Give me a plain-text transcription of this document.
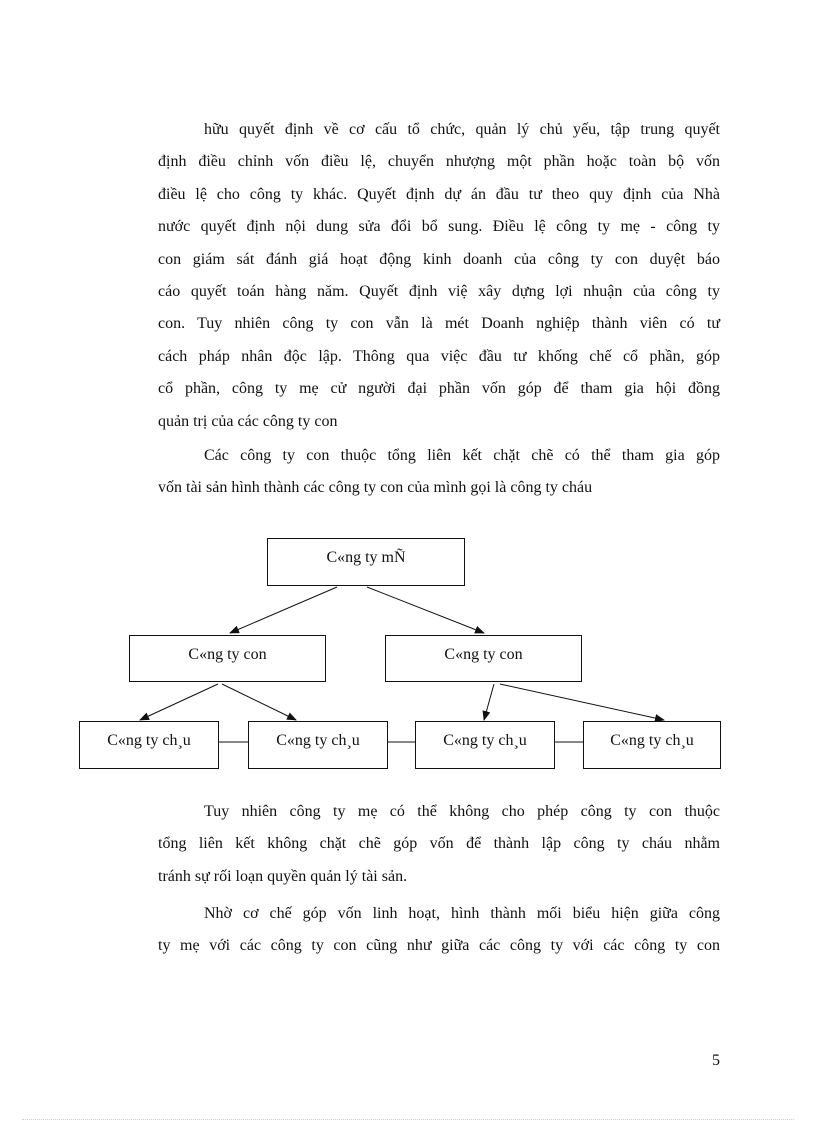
hữu quyết định về cơ cấu tổ chức, quản lý chủ yếu, tập trung quyết
định điều chỉnh vốn điều lệ, chuyển nhượng một phần hoặc toàn bộ vốn
điều lệ cho công ty khác. Quyết định dự án đầu tư theo quy định của Nhà
nước quyết định nội dung sửa đổi bổ sung. Điều lệ công ty mẹ - công ty
con giám sát đánh giá hoạt động kinh doanh của công ty con duyệt báo
cáo quyết toán hàng năm. Quyết định việ xây dựng lợi nhuận của công ty
con. Tuy nhiên công ty con vẫn là mét Doanh nghiệp thành viên có tư
cách pháp nhân độc lập. Thông qua việc đầu tư khống chế cổ phần, góp
cổ phần, công ty mẹ cử người đại phần vốn góp để tham gia hội đồng
quản trị của các công ty con
Các công ty con thuộc tổng liên kết chặt chẽ có thể tham gia góp
vốn tài sản hình thành các công ty con của mình gọi là công ty cháu
C«ng ty mÑ
C«ng ty con	C«ng ty con
C«ng ty ch¸u	C«ng ty ch¸u	C«ng ty ch¸u	C«ng ty ch¸u
Tuy nhiên công ty mẹ có thể không cho phép công ty con thuộc
tổng liên kết không chặt chẽ góp vốn để thành lập công ty cháu nhằm
tránh sự rối loạn quyền quản lý tài sản.
Nhờ cơ chế góp vốn linh hoạt, hình thành mối biểu hiện giữa công
ty mẹ với các công ty con cũng như giữa các công ty với các công ty con
5
